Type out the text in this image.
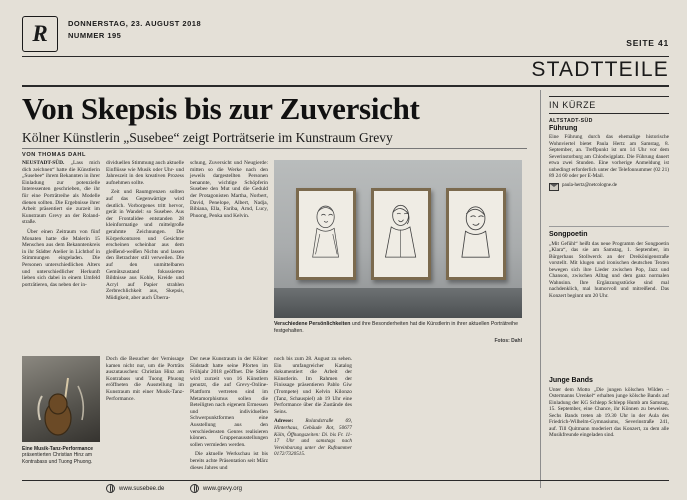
R	DONNERSTAG, 23. AUGUST 2018
NUMMER 195
SEITE 41
STADTTEILE
Von Skepsis bis zur Zuversicht
Kölner Künstlerin „Susebee“ zeigt Porträtserie im Kunstraum Grevy
VON THOMAS DAHL
IN KÜRZE
ALTSTADT-SÜD
Führung

Eine Führung durch das ehemalige historische Wohnviertel bietet Paula Hertz am Samstag, 8. September, an. Treffpunkt ist um 14 Uhr vor dem Severinstorburg am Chlodwigplatz. Die Führung dauert etwa zwei Stunden. Eine vorherige Anmeldung ist unbedingt erforderlich unter der Telefonnummer (02 21) 89 24 60 oder per E-Mail.

paula-hertz@netcologne.de
Songpoetin

„Mit Gefühl“ heißt das neue Programm der Songpoetin „Klara“, das sie am Samstag, 1. September, im Bürgerhaus Stollwerck an der Dreikönigenstraße vorstellt. Mit klugen und ironischen deutschen Texten bewegen sich ihre Lieder zwischen Pop, Jazz und Chanson, zwischen Alltag und dem ganz normalen Wahnsinn. Ihre Ergänzungsstücke sind mal nachdenklich, mal humorvoll und mitreißend. Das Konzert beginnt um 20 Uhr.

Junge Bands

Unter dem Motto „Die jungen kölschen Wilden – Ostermanns Urenkel“ erhalten junge kölsche Bands auf Einladung der KG Schlepp Schlepp Humb am Samstag, 15. September, eine Chance, ihr Können zu beweisen. Sechs Bands treten ab 19.30 Uhr in der Aula des Friedrich-Wilhelm-Gymnasiums, Severinstraße 241, auf. Till Quitmann moderiert das Konzert, zu dem alle Musikfreunde eingeladen sind.

NEUSTADT-SÜD. „Lass mich dich zeichnen“ hatte die Künstlerin „Susebee“ ihrem Bekannten in ihrer Einladung zur potenzielle Interessenten geschrieben, die ihr für eine Porträtreihe als Modelle dienen sollten. Die Ergebnisse ihrer Arbeit präsentiert sie zurzeit im Kunstraum Grevy an der Rolandstraße.

Über einen Zeitraum von fünf Monaten hatte die Malerin 15 Menschen aus dem Bekanntenkreis in ihr Städter Atelier in Lichthof in Stimmungen eingeladen. Die Personen unterschiedlichen Alters und unterschiedlicher Herkunft lieben sich dabei in einem Umfeld porträtieren, das neben der in-

dividuellen Stimmung auch aktuelle Einflüsse wie Musik oder Uhr- und Jahreszeit in den kreativen Prozess aufnehmen sollte.

Zeit und Raumgrenzen sollten auf das Gegenwärtige wird deutlich. Vorborgenes tritt hervor, gerät in Wandel: so Susebee. Aus der Frontalidee entstanden 28 kleinformatige und mittelgroße gerahmte Zeichnungen. Die Körperkonturen und Gesichter erscheinen scheinbar aus dem gleißend-weißen Nichts und lassen den Betrachter still verweilen. Die auf den unmittelbaren Gemütszustand fokussierten Bildnisse aus Kohle, Kreide und Acryl auf Papier strahlen Zerbrechlichkeit aus, Skepsis, Müdigkeit, aber auch Überra-

schung, Zuversicht und Neugierde: mitten so die Werke nach den jeweils dargestellten Personen benannte, wichtige Schöpferin Susebee den Mut und die Geduld der Protagonisten Martha, Norbert, David, Penelope, Albert, Nadja, Bibiana, Ella, Fariba, Arnd, Lucy, Phuong, Penka und Kelvin.

Verschiedene Persönlichkeiten und ihre Besonderheiten hat die Künstlerin in ihrer aktuellen Porträtreihe festgehalten.
Fotos: Dahl
Eine Musik-Tanz-Performance präsentierten Christian Hinz am Kontrabass und Tuong Phuong.

Doch die Besucher der Vernissage kamen nicht nur, um die Porträts auszutauschen: Christian Hinz am Kontrabass und Tuong Phuong eröffneten die Ausstellung im Kunstraum mit einer Musik-Tanz-Performance.

Der neue Kunstraum in der Kölner Südstadt hatte seine Pforten im Frühjahr 2018 geöffnet. Die Stätte wird zurzeit von 16 Künstlern genutzt, die auf Grevy-Online-Plattform vertreten sind im Metamorphismus sollen die Beteiligten nach eigenem Ermessen und individuellen Schwerpunktformen eine Ausstellung aus den verschiedensten Genres realisieren können. Gruppenausstellungen sollen vermieden werden.

Die aktuelle Werkschau ist bis bereits achte Präsentation seit März dieses Jahres und

noch bis zum 28. August zu sehen. Ein umfangreicher Katalog dokumentiert die Arbeit der Künstlerin. Im Rahmen der Finissage präsentieren Pablo Giw (Trompete) und Kelvin Kilonzo (Tanz, Schauspiel) ab 19 Uhr eine Performance über die Zustände des Seins.

Adresse: Rolandstraße 69, Hinterhaus, Gebäude Rot, 50677 Köln, Öffnungszeiten: Di. bis Fr. 11-17 Uhr und samstags nach Vereinbarung unter der Rufnummer 0172/7320515.

www.susebee.de	www.grevy.org
